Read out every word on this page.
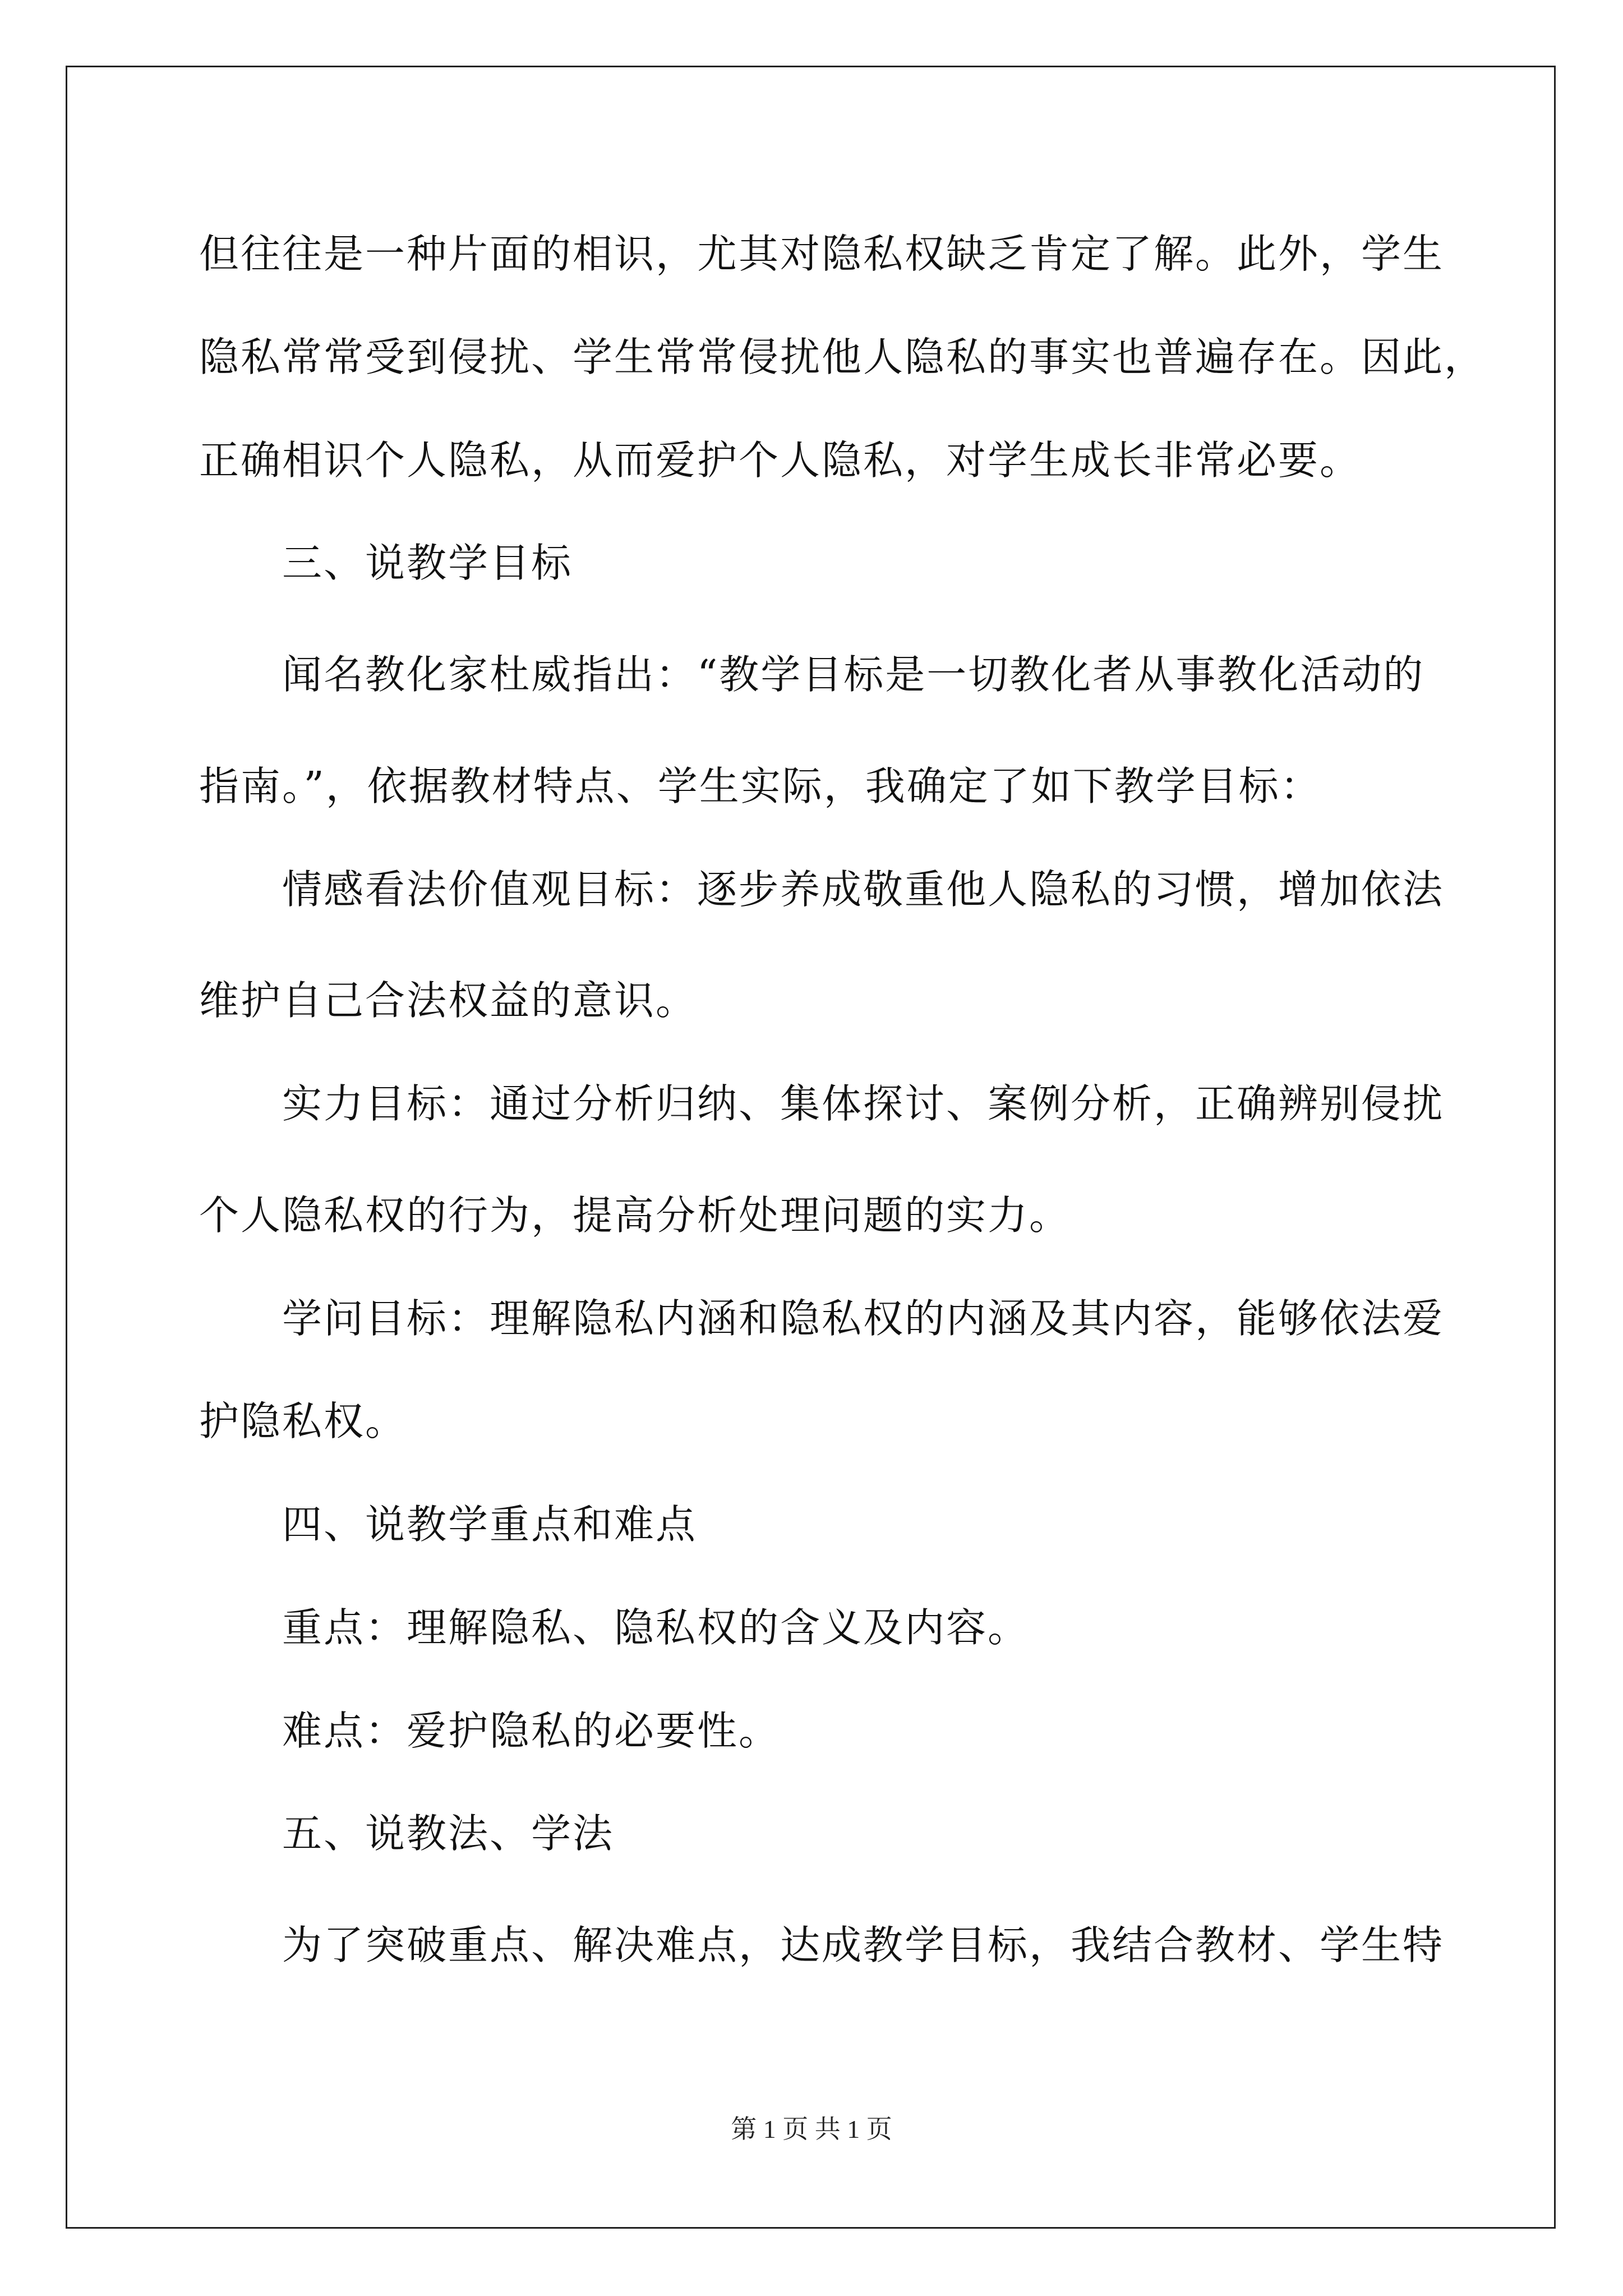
但往往是一种片面的相识，尤其对隐私权缺乏肯定了解。此外，学生
隐私常常受到侵扰、学生常常侵扰他人隐私的事实也普遍存在。因此，
正确相识个人隐私，从而爱护个人隐私，对学生成长非常必要。
三、说教学目标
闻名教化家杜威指出：“教学目标是一切教化者从事教化活动的
指南。”，依据教材特点、学生实际，我确定了如下教学目标：
情感看法价值观目标：逐步养成敬重他人隐私的习惯，增加依法
维护自己合法权益的意识。
实力目标：通过分析归纳、集体探讨、案例分析，正确辨别侵扰
个人隐私权的行为，提高分析处理问题的实力。
学问目标：理解隐私内涵和隐私权的内涵及其内容，能够依法爱
护隐私权。
四、说教学重点和难点
重点：理解隐私、隐私权的含义及内容。
难点：爱护隐私的必要性。
五、说教法、学法
为了突破重点、解决难点，达成教学目标，我结合教材、学生特
第 1 页 共 1 页
